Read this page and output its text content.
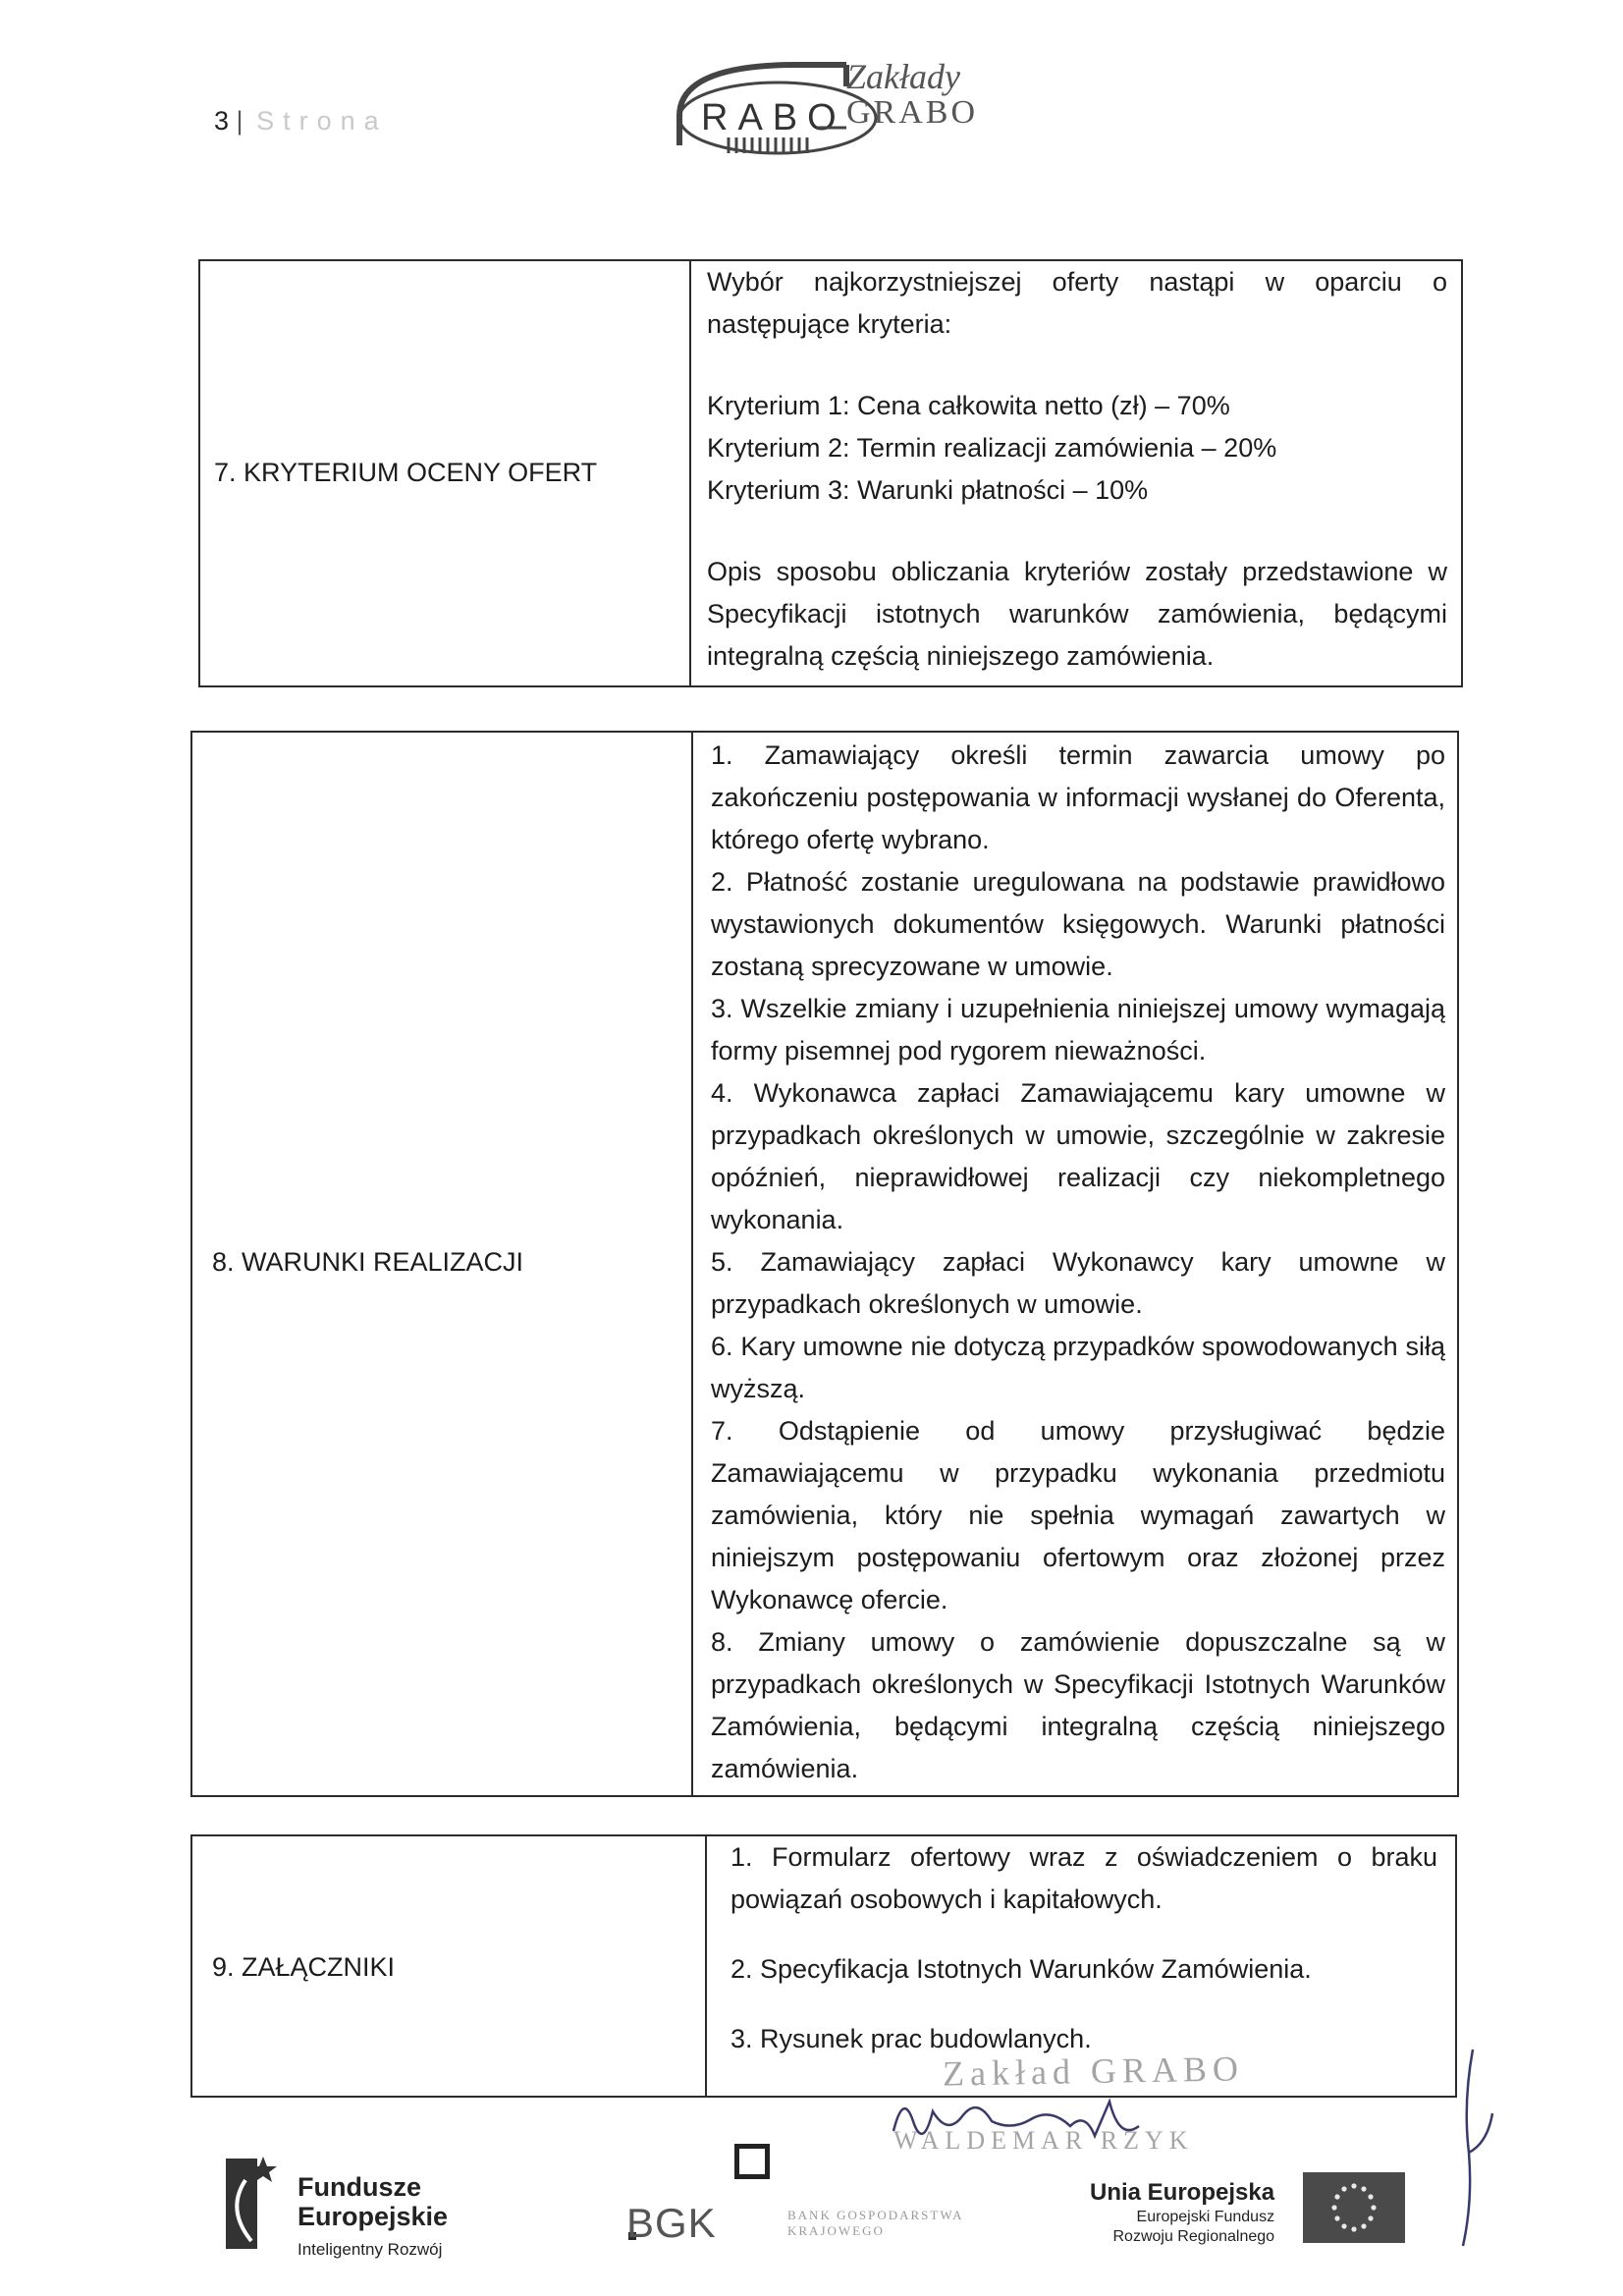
3 | Strona	RABO
Zakłady
GRABO
7. KRYTERIUM OCENY OFERT

Wybór najkorzystniejszej oferty nastąpi w oparciu o następujące kryteria:

Kryterium 1: Cena całkowita netto (zł) – 70%

Kryterium 2: Termin realizacji zamówienia – 20%

Kryterium 3: Warunki płatności – 10%

Opis sposobu obliczania kryteriów zostały przedstawione w Specyfikacji istotnych warunków zamówienia, będącymi integralną częścią niniejszego zamówienia.

8. WARUNKI REALIZACJI

1. Zamawiający określi termin zawarcia umowy po zakończeniu postępowania w informacji wysłanej do Oferenta, którego ofertę wybrano.

2. Płatność zostanie uregulowana na podstawie prawidłowo wystawionych dokumentów księgowych. Warunki płatności zostaną sprecyzowane w umowie.

3. Wszelkie zmiany i uzupełnienia niniejszej umowy wymagają formy pisemnej pod rygorem nieważności.

4. Wykonawca zapłaci Zamawiającemu kary umowne w przypadkach określonych w umowie, szczególnie w zakresie opóźnień, nieprawidłowej realizacji czy niekompletnego wykonania.

5. Zamawiający zapłaci Wykonawcy kary umowne w przypadkach określonych w umowie.

6. Kary umowne nie dotyczą przypadków spowodowanych siłą wyższą.

7. Odstąpienie od umowy przysługiwać będzie Zamawiającemu w przypadku wykonania przedmiotu zamówienia, który nie spełnia wymagań zawartych w niniejszym postępowaniu ofertowym oraz złożonej przez Wykonawcę ofercie.

8. Zmiany umowy o zamówienie dopuszczalne są w przypadkach określonych w Specyfikacji Istotnych Warunków Zamówienia, będącymi integralną częścią niniejszego zamówienia.

9. ZAŁĄCZNIKI

1. Formularz ofertowy wraz z oświadczeniem o braku powiązań osobowych i kapitałowych.

2. Specyfikacja Istotnych Warunków Zamówienia.

3. Rysunek prac budowlanych.

Zakład GRABO
WALDEMAR RZYK
Fundusze
Europejskie
Inteligentny Rozwój
BGK	BANK GOSPODARSTWA
KRAJOWEGO
Unia Europejska
Europejski Fundusz
Rozwoju Regionalnego
